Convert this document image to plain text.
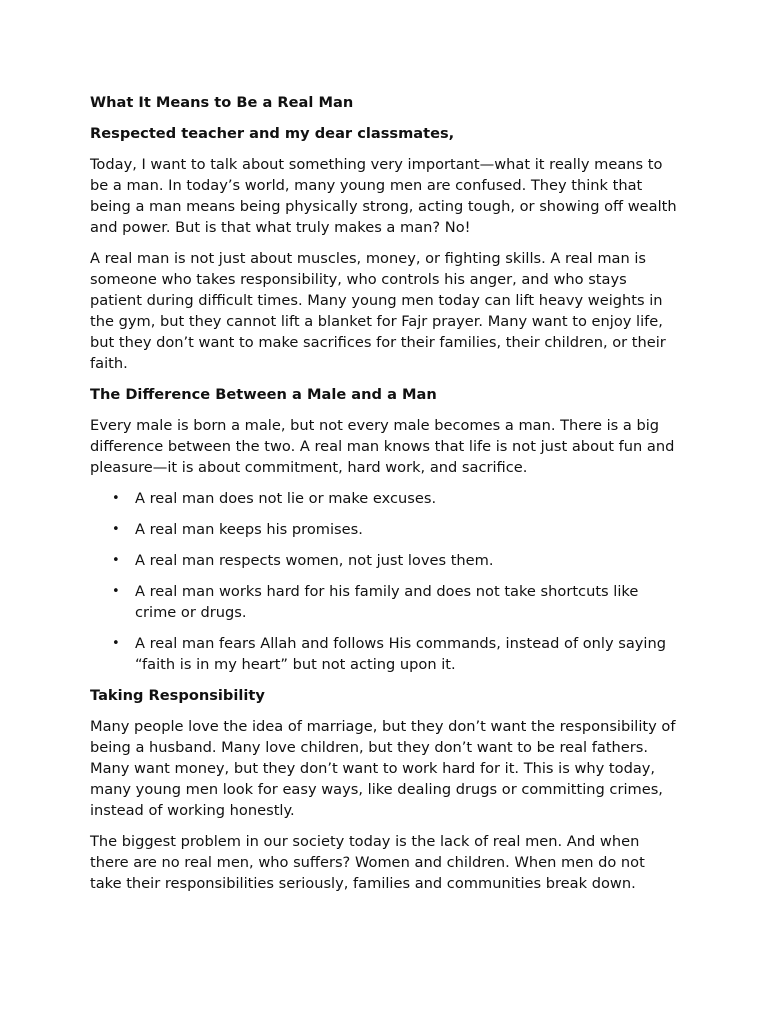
What It Means to Be a Real Man

Respected teacher and my dear classmates,

Today, I want to talk about something very important—what it really means to be a man. In today’s world, many young men are confused. They think that being a man means being physically strong, acting tough, or showing off wealth and power. But is that what truly makes a man? No!

A real man is not just about muscles, money, or fighting skills. A real man is someone who takes responsibility, who controls his anger, and who stays patient during difficult times. Many young men today can lift heavy weights in the gym, but they cannot lift a blanket for Fajr prayer. Many want to enjoy life, but they don’t want to make sacrifices for their families, their children, or their faith.

The Difference Between a Male and a Man

Every male is born a male, but not every male becomes a man. There is a big difference between the two. A real man knows that life is not just about fun and pleasure—it is about commitment, hard work, and sacrifice.

• A real man does not lie or make excuses.
• A real man keeps his promises.
• A real man respects women, not just loves them.
• A real man works hard for his family and does not take shortcuts like crime or drugs.
• A real man fears Allah and follows His commands, instead of only saying “faith is in my heart” but not acting upon it.

Taking Responsibility

Many people love the idea of marriage, but they don’t want the responsibility of being a husband. Many love children, but they don’t want to be real fathers. Many want money, but they don’t want to work hard for it. This is why today, many young men look for easy ways, like dealing drugs or committing crimes, instead of working honestly.

The biggest problem in our society today is the lack of real men. And when there are no real men, who suffers? Women and children. When men do not take their responsibilities seriously, families and communities break down.
